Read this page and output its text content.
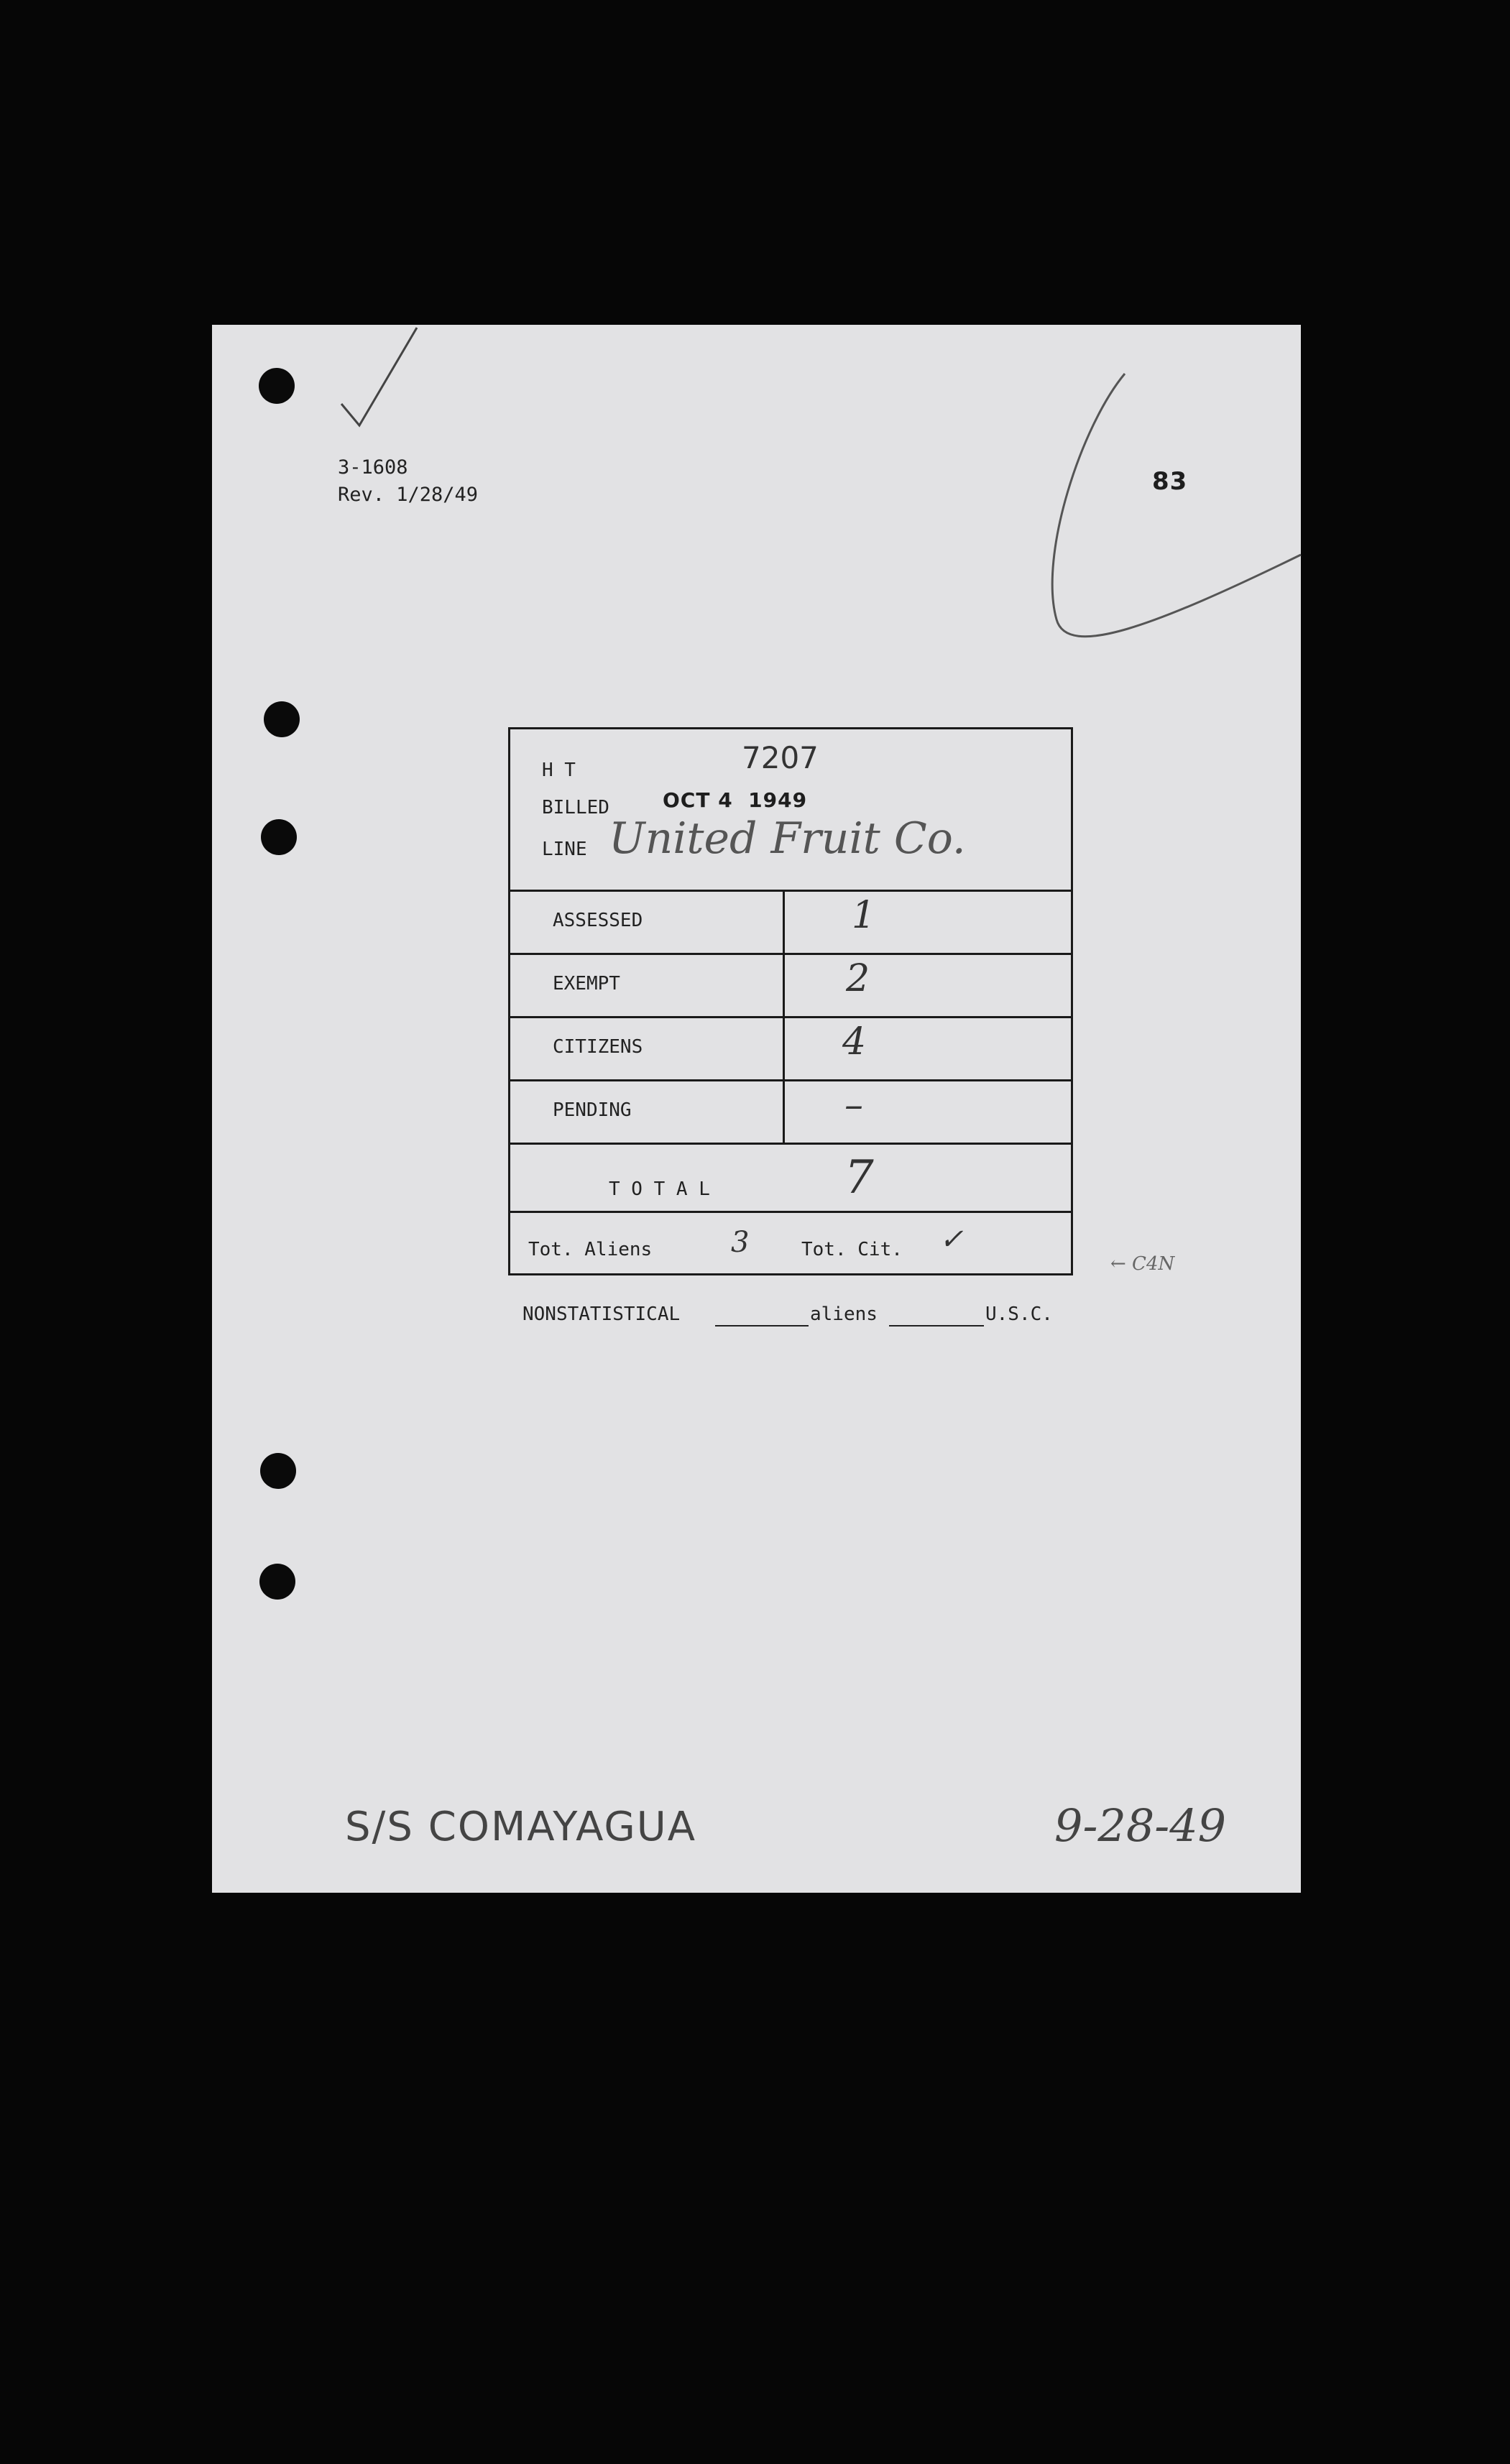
3-1608
Rev. 1/28/49	83
H T	7207
BILLED	OCT 4  1949
LINE United Fruit Co.
ASSESSED	1
EXEMPT	2
CITIZENS	4
PENDING	–
T O T A L	7
Tot. Aliens	3	Tot. Cit. ✓
← C4N
NONSTATISTICAL	aliens	U.S.C.
S/S COMAYAGUA	9-28-49
